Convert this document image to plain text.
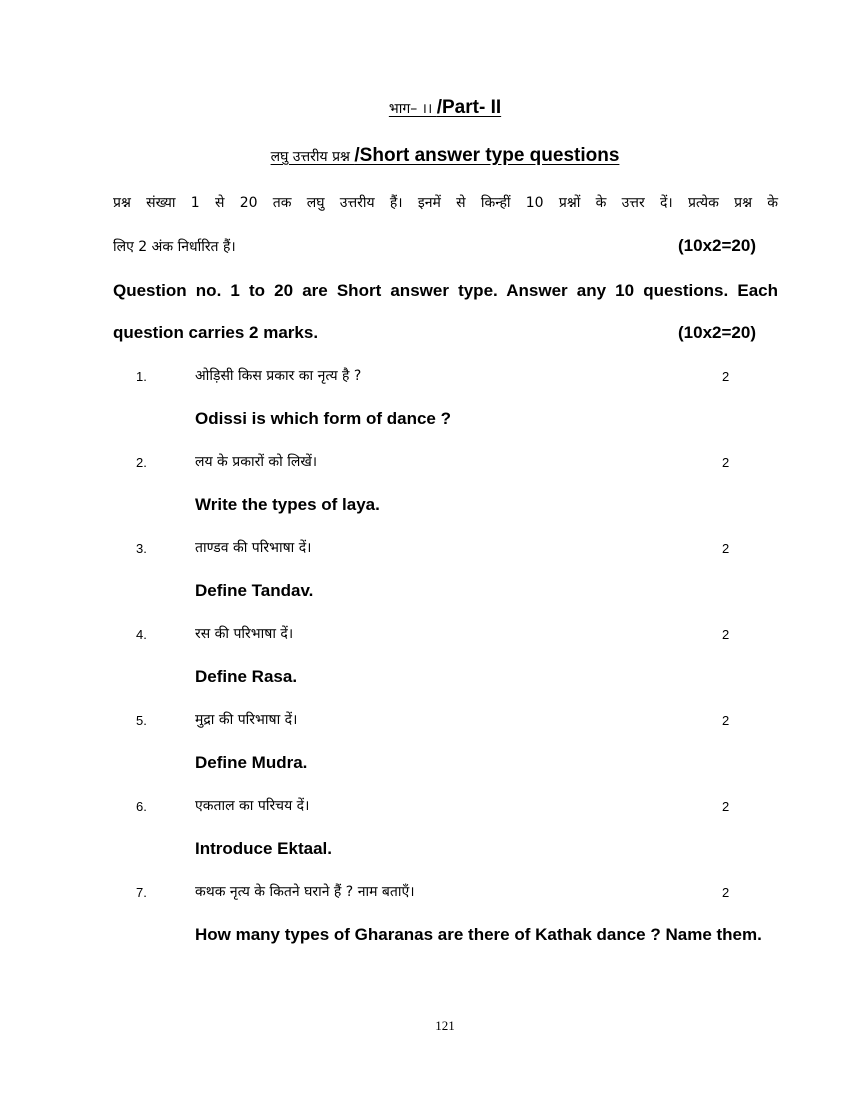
भाग– ।। /Part- II
लघु उत्तरीय प्रश्न /Short answer type questions
प्रश्न संख्या 1 से 20 तक लघु उत्तरीय हैं। इनमें से किन्हीं 10 प्रश्नों के उत्तर दें। प्रत्येक प्रश्न के
लिए 2 अंक निर्धारित हैं।	(10x2=20)
Question no. 1 to 20 are Short answer type. Answer any 10 questions. Each
question carries 2 marks.	(10x2=20)
1.	ओड़िसी किस प्रकार का नृत्य है ?	2
Odissi is which form of dance ?
2.	लय के प्रकारों को लिखें।	2
Write the types of laya.
3.	ताण्डव की परिभाषा दें।	2
Define Tandav.
4.	रस की परिभाषा दें।	2
Define Rasa.
5.	मुद्रा की परिभाषा दें।	2
Define Mudra.
6.	एकताल का परिचय दें।	2
Introduce Ektaal.
7.	कथक नृत्य के कितने घराने हैं ? नाम बताएँ।	2
How many types of Gharanas are there of Kathak dance ? Name them.
121
